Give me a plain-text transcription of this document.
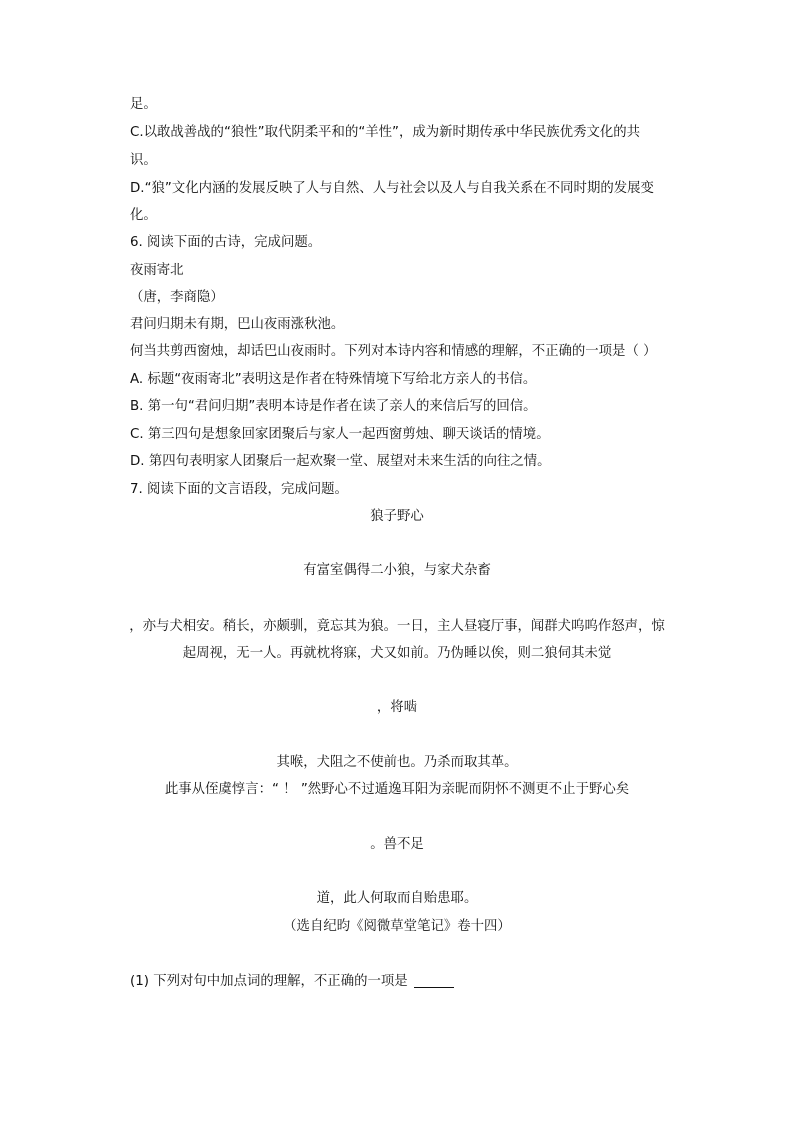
足。
C.以敢战善战的“狼性”取代阴柔平和的“羊性”，成为新时期传承中华民族优秀文化的共
识。
D.“狼”文化内涵的发展反映了人与自然、人与社会以及人与自我关系在不同时期的发展变
化。
6. 阅读下面的古诗，完成问题。
夜雨寄北
（唐，李商隐）
君问归期未有期，巴山夜雨涨秋池。
何当共剪西窗烛，却话巴山夜雨时。下列对本诗内容和情感的理解，不正确的一项是（ ）
A. 标题“夜雨寄北”表明这是作者在特殊情境下写给北方亲人的书信。
B. 第一句“君问归期”表明本诗是作者在读了亲人的来信后写的回信。
C. 第三四句是想象回家团聚后与家人一起西窗剪烛、聊天谈话的情境。
D. 第四句表明家人团聚后一起欢聚一堂、展望对未来生活的向往之情。
7. 阅读下面的文言语段，完成问题。
狼子野心
有富室偶得二小狼，与家犬杂畜
，亦与犬相安。稍长，亦颇驯，竟忘其为狼。一日，主人昼寝厅事，闻群犬呜呜作怒声，惊
起周视，无一人。再就枕将寐，犬又如前。乃伪睡以俟，则二狼伺其未觉
，将啮
其喉，犬阻之不使前也。乃杀而取其革。
此事从侄虞惇言：“ ！ ”然野心不过遁逸耳阳为亲昵而阴怀不测更不止于野心矣
。兽不足
道，此人何取而自贻患耶。
（选自纪昀《阅微草堂笔记》卷十四）
(1) 下列对句中加点词的理解，不正确的一项是
